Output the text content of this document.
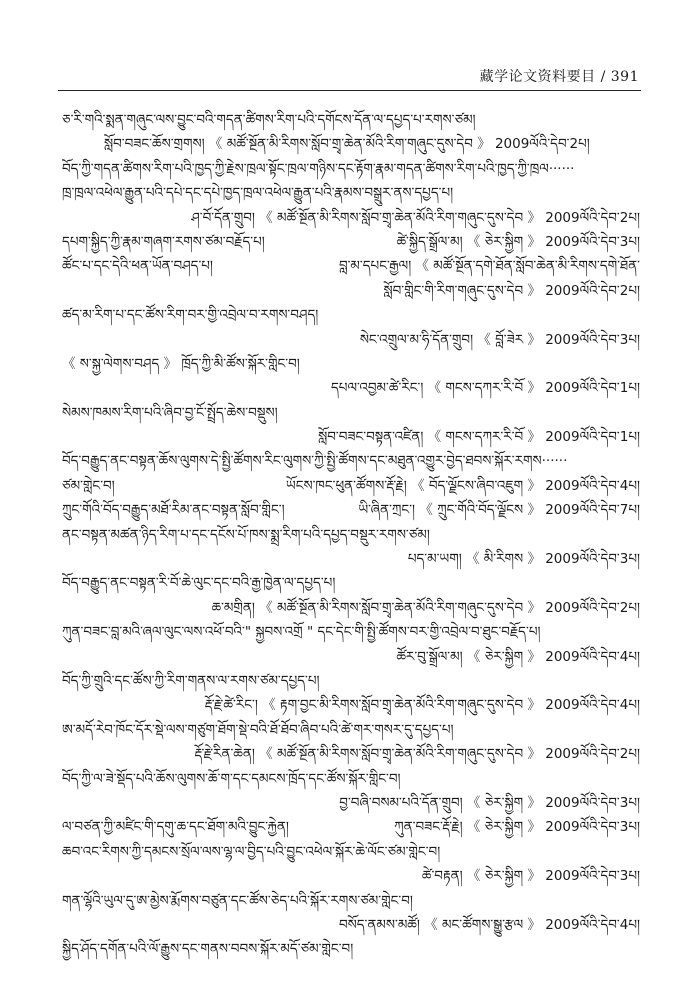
藏学论文资料要目 / 391
ཅ་རི་གའི་སྨན་གཞུང་ལས་བྱུང་བའི་གདན་ཚིགས་རིག་པའི་དགོངས་དོན་ལ་དཔྱད་པ་རགས་ཙམ།
སློབ་བཟང་ཆོས་གྲགས། 《 མཚོ་སྔོན་མི་རིགས་སློབ་གྲྭ་ཆེན་མོའི་རིག་གཞུང་དུས་དེབ 》 2009ལོའི་དེབ་2པ།
བོད་ཀྱི་གདན་ཚིགས་རིག་པའི་ཁྱད་ཀྱི་རྗེས་ཁྲལ་སྟོང་ཁྲལ་གཉིས་དང་རྟོག་རྣམ་གདན་ཚིགས་རིག་པའི་ཁྱད་ཀྱི་ཁྲལ······
ཁྲ་ཁྲལ་འཕེལ་རྒྱུན་པའི་དཔེ་དང་དཔེ་ཁྱད་ཁྲལ་འཕེལ་རྒྱུན་པའི་རྣམས་བསྒྲུར་ནས་དཔྱད་པ།
ཤ་བོ་དོན་གྲུབ། 《 མཚོ་སྔོན་མི་རིགས་སློབ་གྲྭ་ཆེན་མོའི་རིག་གཞུང་དུས་དེབ 》 2009ལོའི་དེབ་2པ།
དཔག་སྐྱིད་ཀྱི་རྣམ་གཞག་རགས་ཙམ་བརྗོད་པ།	ཚེ་སྐྱིད་སྒྲོལ་མ། 《 ཅེར་སྐྱིག 》 2009ལོའི་དེབ་3པ།
ཚོང་པ་དང་དེའི་ཕན་ཡོན་བཤད་པ།	བླ་མ་དཔང་རྒྱལ། 《 མཚོ་སྔོན་དགེ་ཐོན་སློབ་ཆེན་མི་རིགས་དགེ་ཐོན་
སློབ་གླིང་གི་རིག་གཞུང་དུས་དེབ 》 2009ལོའི་དེབ་2པ།
ཚད་མ་རིག་པ་དང་ཚོས་རིག་བར་གྱི་འབྲེལ་བ་རགས་བཤད།
སེང་འགྲུལ་མ་ཧི་དོན་གྲུབ། 《 བློ་ཟེར 》 2009ལོའི་དེབ་3པ།
《 ས་སྐྱ་ལེགས་བཤད 》 ཁྲོད་ཀྱི་མི་ཚོས་སྐོར་གླིང་བ།
དཔལ་འབྱམ་ཚེ་རིང་། 《 གངས་དཀར་རི་བོ 》 2009ལོའི་དེབ་1པ།
སེམས་ཁམས་རིག་པའི་ཞིབ་བྱ་ངོ་སྤྲོད་ཆེས་བསྡུས།
སློབ་བཟང་བསྟན་འཛིན། 《 གངས་དཀར་རི་བོ 》 2009ལོའི་དེབ་1པ།
བོད་བརྒྱུད་ནང་བསྟན་ཆོས་ལུགས་དེ་སྤྱི་ཚོགས་རིང་ལུགས་ཀྱི་སྤྱི་ཚོགས་དང་མཐུན་འགྱུར་བྱེད་ཐབས་སྐོར་རགས······
ཙམ་གླེང་བ།	ཡོངས་ཁང་ཕུན་ཚོགས་རྡོ་རྗེ། 《 བོད་ལྗོངས་ཞིབ་འཇུག 》 2009ལོའི་དེབ་4པ།
ཀྲུང་གོའི་བོད་བརྒྱུད་མཐོ་རིམ་ནང་བསྟན་སློབ་གླིང་།	ཡི་ཞིན་ཀྲང་། 《 ཀྲུང་གོའི་བོད་ལྗོངས 》 2009ལོའི་དེབ་7པ།
ནང་བསྟན་མཚན་ཉིད་རིག་པ་དང་དངོས་པོ་ཁས་སྨྲ་རིག་པའི་དཔྱད་བསྡུར་རགས་ཙམ།
པད་མ་ཡག། 《 མི་རིགས 》 2009ལོའི་དེབ་3པ།
བོད་བརྒྱུད་ནང་བསྟན་རི་བོ་ཆེ་ལུང་དང་བའི་རྒྱ་ཁྱེན་ལ་དཔྱད་པ།
ཆ་མགྲིན། 《 མཚོ་སྔོན་མི་རིགས་སློབ་གྲྭ་ཆེན་མོའི་རིག་གཞུང་དུས་དེབ 》 2009ལོའི་དེབ་2པ།
ཀུན་བཟང་བླ་མའི་ཞལ་ལུང་ལས་འཕོ་བའི་" སྐྱབས་འགྲོ " དང་དེང་གི་སྤྱི་ཚོགས་བར་གྱི་འབྲེལ་བ་ཐུང་བརྗོད་པ།
ཚོར་བུ་སྒྲོལ་མ། 《 ཅེར་སྐྱིག 》 2009ལོའི་དེབ་4པ།
བོད་ཀྱི་གྲུའི་དང་ཚོས་ཀྱི་རིག་གནས་ལ་རགས་ཙམ་དཔྱད་པ།
རྡོ་རྗེ་ཚེ་རིང་། 《 རྟག་བྱང་མི་རིགས་སློབ་གྲྭ་ཆེན་མོའི་རིག་གཞུང་དུས་དེབ 》 2009ལོའི་དེབ་4པ།
ཨ་མདོ་རེབ་ཁོང་དོར་སྡེ་ལས་གཙུག་ཐོག་སྡེ་བའི་ཐོ་ཐོབ་ཞིབ་པའི་ཚེ་གར་གསར་དུ་དཔྱད་པ།
རྡོ་རྗེ་རིན་ཆེན། 《 མཚོ་སྔོན་མི་རིགས་སློབ་གྲྭ་ཆེན་མོའི་རིག་གཞུང་དུས་དེབ 》 2009ལོའི་དེབ་2པ།
བོད་ཀྱི་ལ་ཟེ་སྡོད་པའི་ཆོས་ལུགས་ཆོ་ག་དང་དམངས་ཁྲོད་དང་ཚོས་སྐོར་གླིང་བ།
བྱ་བཞི་བསམ་པའི་དོན་གྲུབ། 《 ཅེར་སྐྱིག 》 2009ལོའི་དེབ་3པ།
ལ་བཙན་ཀྱི་མཛིང་གི་དགུ་ཆ་དང་ཐོག་མའི་བྱུང་རྐྱེན།	ཀུན་བཟང་རྡོ་རྗེ། 《 ཅེར་སྐྱིག 》 2009ལོའི་དེབ་3པ།
ཆབ་འང་རིགས་ཀྱི་དམངས་སྲོལ་ལས་ལྷ་ལ་བྱིད་པའི་བྱུང་འཕེལ་སྐོར་ཆེ་ལོང་ཙམ་གླེང་བ།
ཚེ་བརྟན། 《 ཅེར་སྐྱིག 》 2009ལོའི་དེབ་3པ།
གན་ལྷོའི་ཡུལ་དུ་ཨ་མྱེས་རྨོགས་བཙུན་དང་ཚོས་ཅེད་པའི་སྐོར་རགས་ཙམ་གླེང་བ།
བསོད་ནམས་མཚོ། 《 མང་ཚོགས་སྒྱུ་རྩལ 》 2009ལོའི་དེབ་4པ།
སྐྱིད་ཤོད་དགོན་པའི་ལོ་རྒྱུས་དང་གནས་བབས་སྐོར་མདོ་ཙམ་གླེང་བ།
